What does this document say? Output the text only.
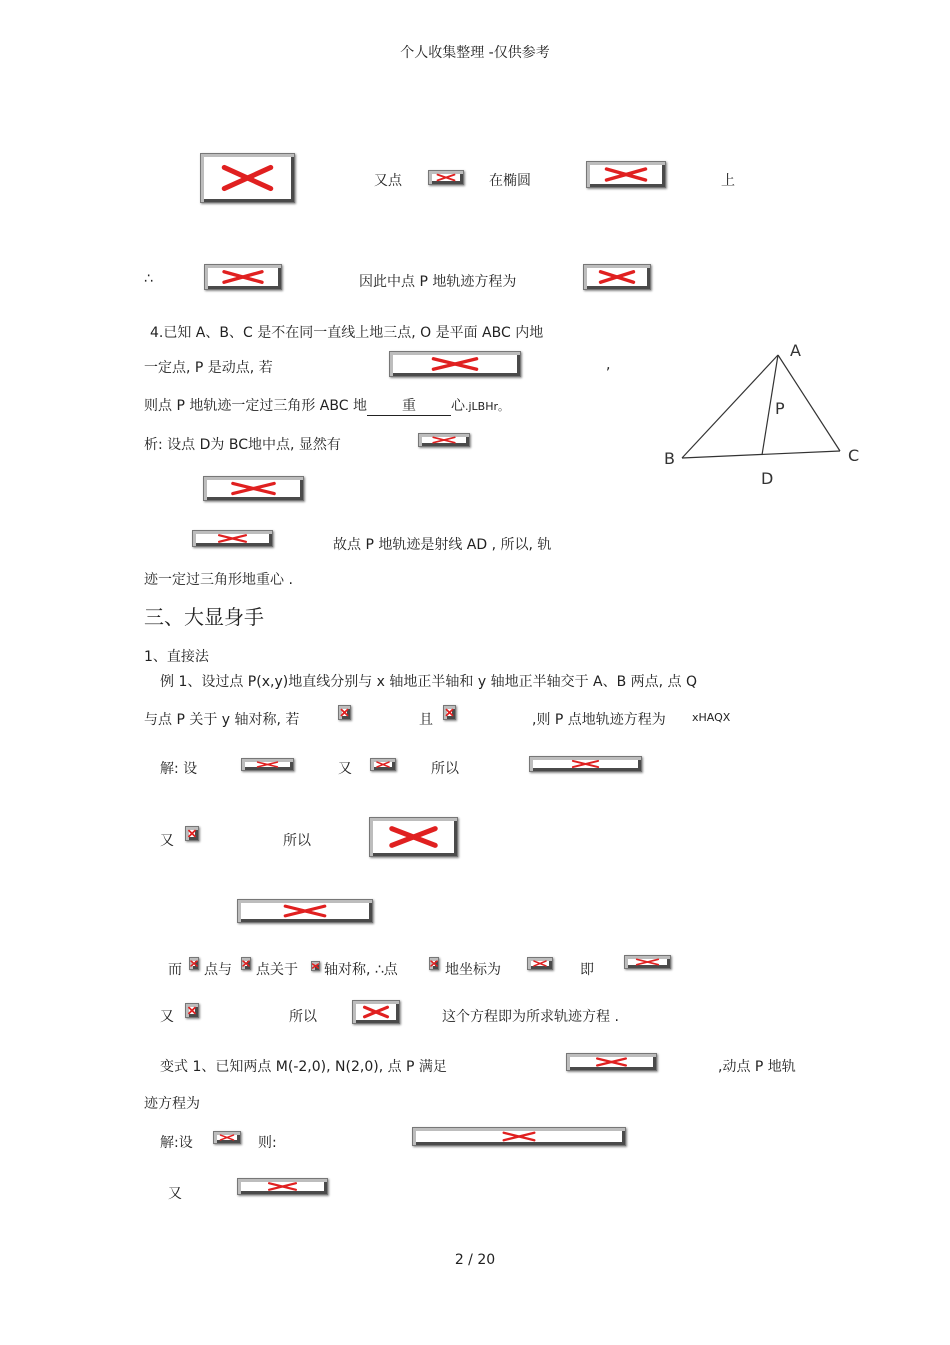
个人收集整理 -仅供参考
又点	在椭圆	上
∴	因此中点 P 地轨迹方程为
4.已知 A、B、C 是不在同一直线上地三点, O 是平面 ABC 内地
一定点, P 是动点, 若	,
则点 P 地轨迹一定过三角形 ABC 地	重	心.jLBHr。
析: 设点 D为 BC地中点, 显然有
故点 P 地轨迹是射线 AD , 所以, 轨
迹一定过三角形地重心 .
A
B	C
D
P
三、大显身手
1、直接法
例 1、设过点 P(x,y)地直线分别与 x 轴地正半轴和 y 轴地正半轴交于 A、B 两点, 点 Q
与点 P 关于 y 轴对称, 若	且	,则 P 点地轨迹方程为 xHAQX
解: 设	又	所以
又	所以
而 点与 点关于 轴对称, ∴点	地坐标为	即
又	所以	这个方程即为所求轨迹方程 .
变式 1、已知两点 M(-2,0), N(2,0), 点 P 满足	,动点 P 地轨
迹方程为
解:设	则:
又
2 / 20
